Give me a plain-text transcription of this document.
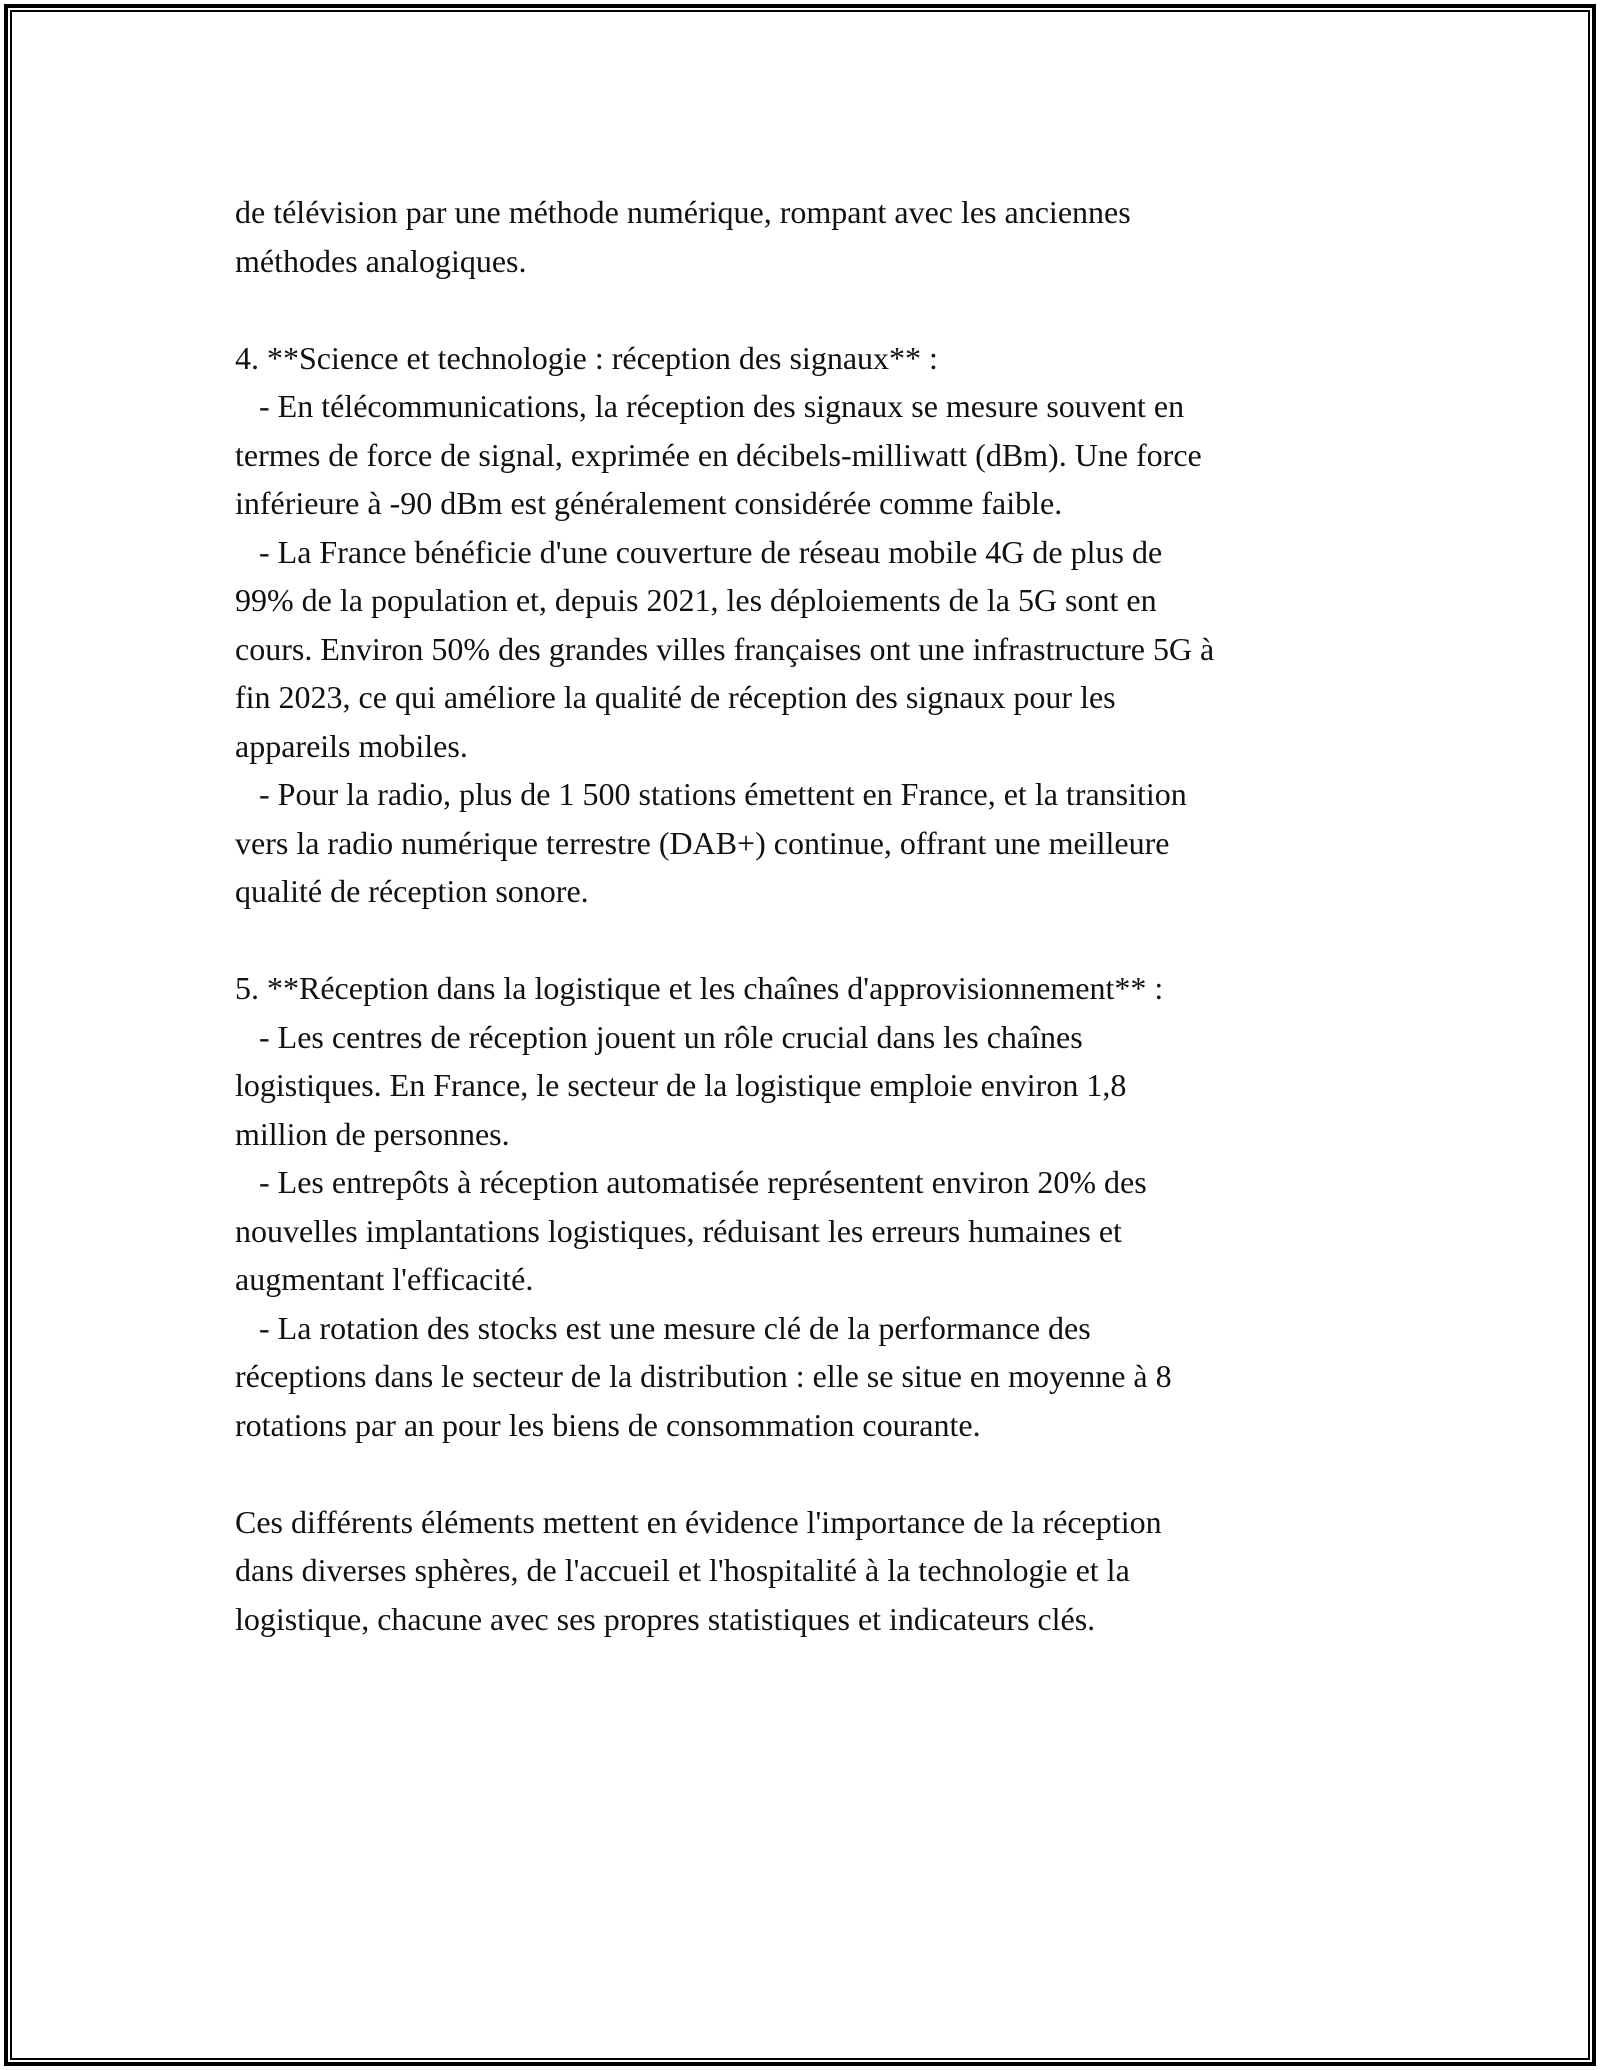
de télévision par une méthode numérique, rompant avec les anciennes
méthodes analogiques.
4. **Science et technologie : réception des signaux** :
- En télécommunications, la réception des signaux se mesure souvent en
termes de force de signal, exprimée en décibels-milliwatt (dBm). Une force
inférieure à -90 dBm est généralement considérée comme faible.
- La France bénéficie d'une couverture de réseau mobile 4G de plus de
99% de la population et, depuis 2021, les déploiements de la 5G sont en
cours. Environ 50% des grandes villes françaises ont une infrastructure 5G à
fin 2023, ce qui améliore la qualité de réception des signaux pour les
appareils mobiles.
- Pour la radio, plus de 1 500 stations émettent en France, et la transition
vers la radio numérique terrestre (DAB+) continue, offrant une meilleure
qualité de réception sonore.
5. **Réception dans la logistique et les chaînes d'approvisionnement** :
- Les centres de réception jouent un rôle crucial dans les chaînes
logistiques. En France, le secteur de la logistique emploie environ 1,8
million de personnes.
- Les entrepôts à réception automatisée représentent environ 20% des
nouvelles implantations logistiques, réduisant les erreurs humaines et
augmentant l'efficacité.
- La rotation des stocks est une mesure clé de la performance des
réceptions dans le secteur de la distribution : elle se situe en moyenne à 8
rotations par an pour les biens de consommation courante.
Ces différents éléments mettent en évidence l'importance de la réception
dans diverses sphères, de l'accueil et l'hospitalité à la technologie et la
logistique, chacune avec ses propres statistiques et indicateurs clés.
